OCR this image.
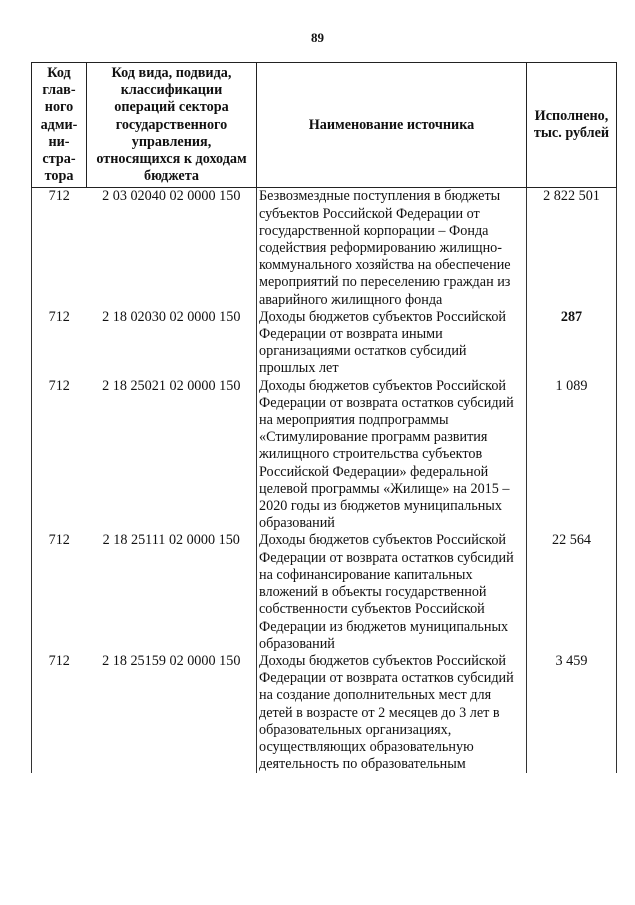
89
Код глав-ного адми-ни-стра-тора	Код вида, подвида, классификации операций сектора государственного управления, относящихся к доходам бюджета	Наименование источника	Исполнено, тыс. рублей
712	2 03 02040 02 0000 150	Безвозмездные поступления в бюджеты субъектов Российской Федерации от государственной корпорации – Фонда содействия реформированию жилищно-коммунального хозяйства на обеспечение мероприятий по переселению граждан из аварийного жилищного фонда	2 822 501
712	2 18 02030 02 0000 150	Доходы бюджетов субъектов Российской Федерации от возврата иными организациями остатков субсидий прошлых лет	287
712	2 18 25021 02 0000 150	Доходы бюджетов субъектов Российской Федерации от возврата остатков субсидий на мероприятия подпрограммы «Стимулирование программ развития жилищного строительства субъектов Российской Федерации» федеральной целевой программы «Жилище» на 2015 – 2020 годы из бюджетов муниципальных образований	1 089
712	2 18 25111 02 0000 150	Доходы бюджетов субъектов Российской Федерации от возврата остатков субсидий на софинансирование капитальных вложений в объекты государственной собственности субъектов Российской Федерации из бюджетов муниципальных образований	22 564
712	2 18 25159 02 0000 150	Доходы бюджетов субъектов Российской Федерации от возврата остатков субсидий на создание дополнительных мест для детей в возрасте от 2 месяцев до 3 лет в образовательных организациях, осуществляющих образовательную деятельность по образовательным	3 459
